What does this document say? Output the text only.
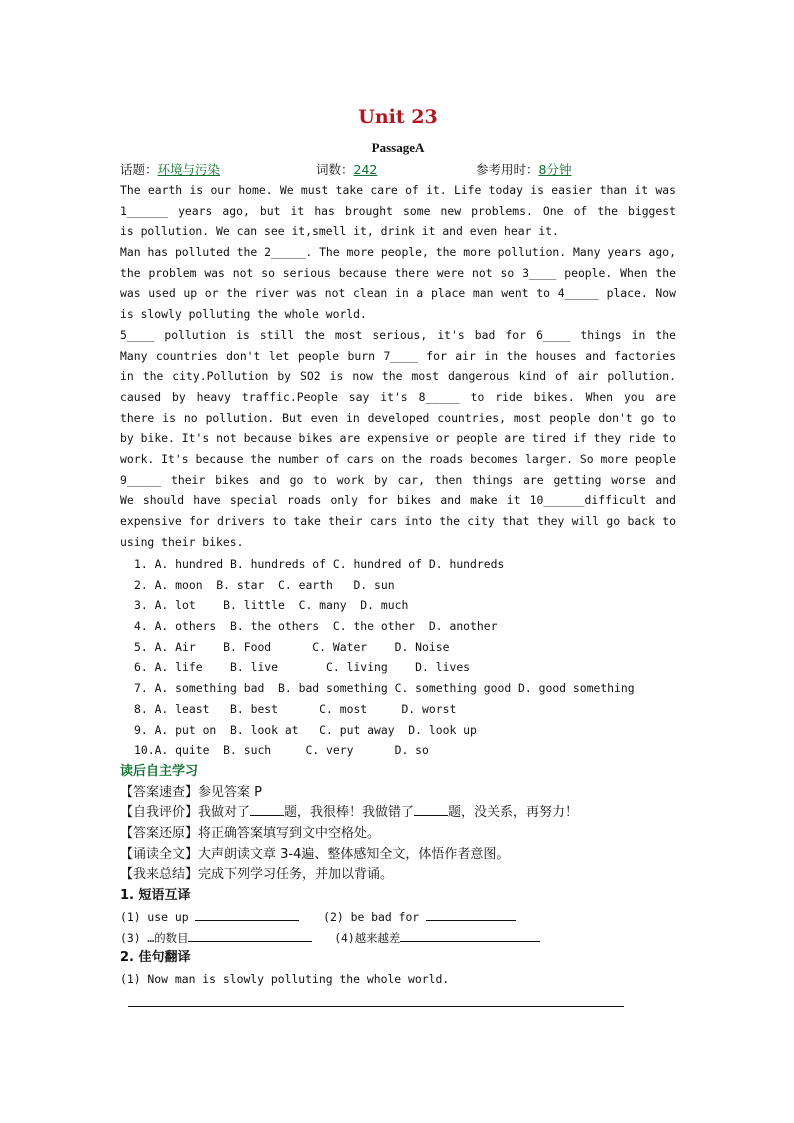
Unit 23
PassageA
话题：环境与污染	词数：242	参考用时：8分钟
The earth is our home. We must take care of it. Life today is easier than it was
1______ years ago, but it has brought some new problems. One of the biggest
is pollution. We can see it,smell it, drink it and even hear it.
Man has polluted the 2_____. The more people, the more pollution. Many years ago,
the problem was not so serious because there were not so 3____ people. When the
was used up or the river was not clean in a place man went to 4_____ place. Now
is slowly polluting the whole world.
5____ pollution is still the most serious, it's bad for 6____ things in the
Many countries don't let people burn 7____ for air in the houses and factories
in the city.Pollution by SO2 is now the most dangerous kind of air pollution.
caused by heavy traffic.People say it's 8_____ to ride bikes. When you are
there is no pollution. But even in developed countries, most people don't go to
by bike. It's not because bikes are expensive or people are tired if they ride to
work. It's because the number of cars on the roads becomes larger. So more people
9_____ their bikes and go to work by car, then things are getting worse and
We should have special roads only for bikes and make it 10______difficult and
expensive for drivers to take their cars into the city that they will go back to
using their bikes.
1. A. hundred B. hundreds of C. hundred of D. hundreds
2. A. moon  B. star  C. earth   D. sun
3. A. lot    B. little  C. many  D. much
4. A. others  B. the others  C. the other  D. another
5. A. Air    B. Food      C. Water    D. Noise
6. A. life    B. live       C. living    D. lives
7. A. something bad  B. bad something C. something good D. good something
8. A. least   B. best      C. most     D. worst
9. A. put on  B. look at   C. put away  D. look up
10.A. quite  B. such     C. very      D. so
读后自主学习
【答案速查】参见答案 P
【自我评价】我做对了	题，我很棒！我做错了	题，没关系，再努力！
【答案还原】将正确答案填写到文中空格处。
【诵读全文】大声朗读文章 3-4遍、整体感知全文，体悟作者意图。
【我来总结】完成下列学习任务，并加以背诵。
1. 短语互译
(1) use up	(2) be bad for
(3) …的数目	(4)越来越差
2. 佳句翻译
(1) Now man is slowly polluting the whole world.
